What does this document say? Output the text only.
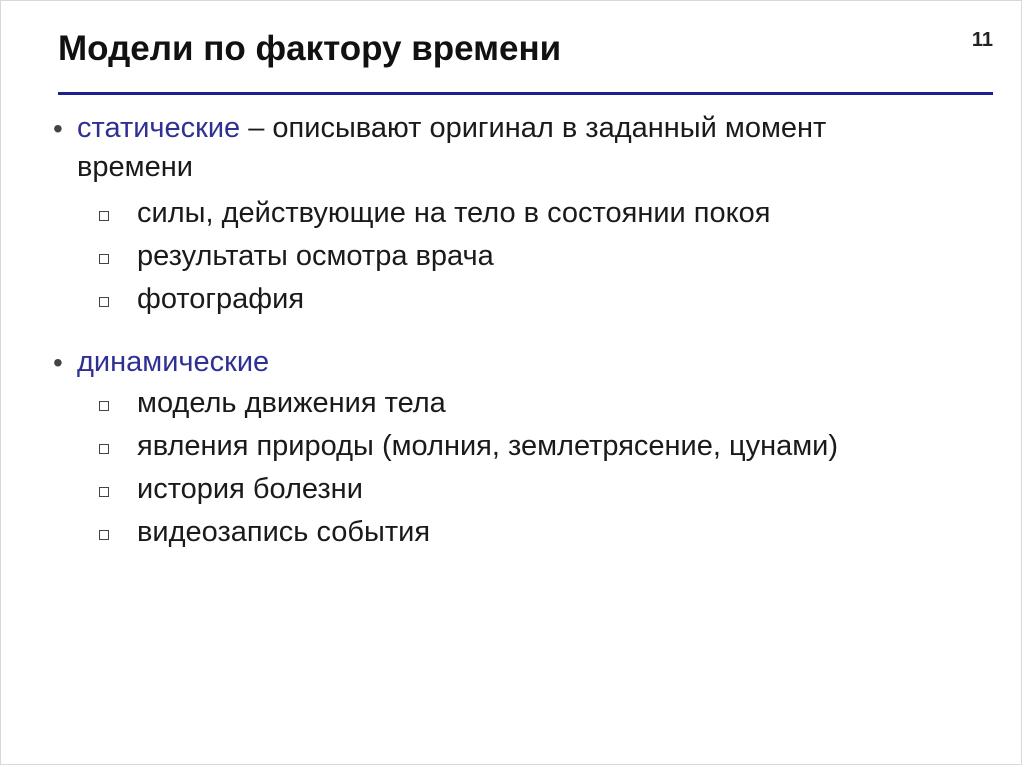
11
Модели по фактору времени
• статические – описывают оригинал в заданный момент времени
силы, действующие на тело в состоянии покоя
результаты осмотра врача
фотография
• динамические
модель движения тела
явления природы (молния, землетрясение, цунами)
история болезни
видеозапись события
